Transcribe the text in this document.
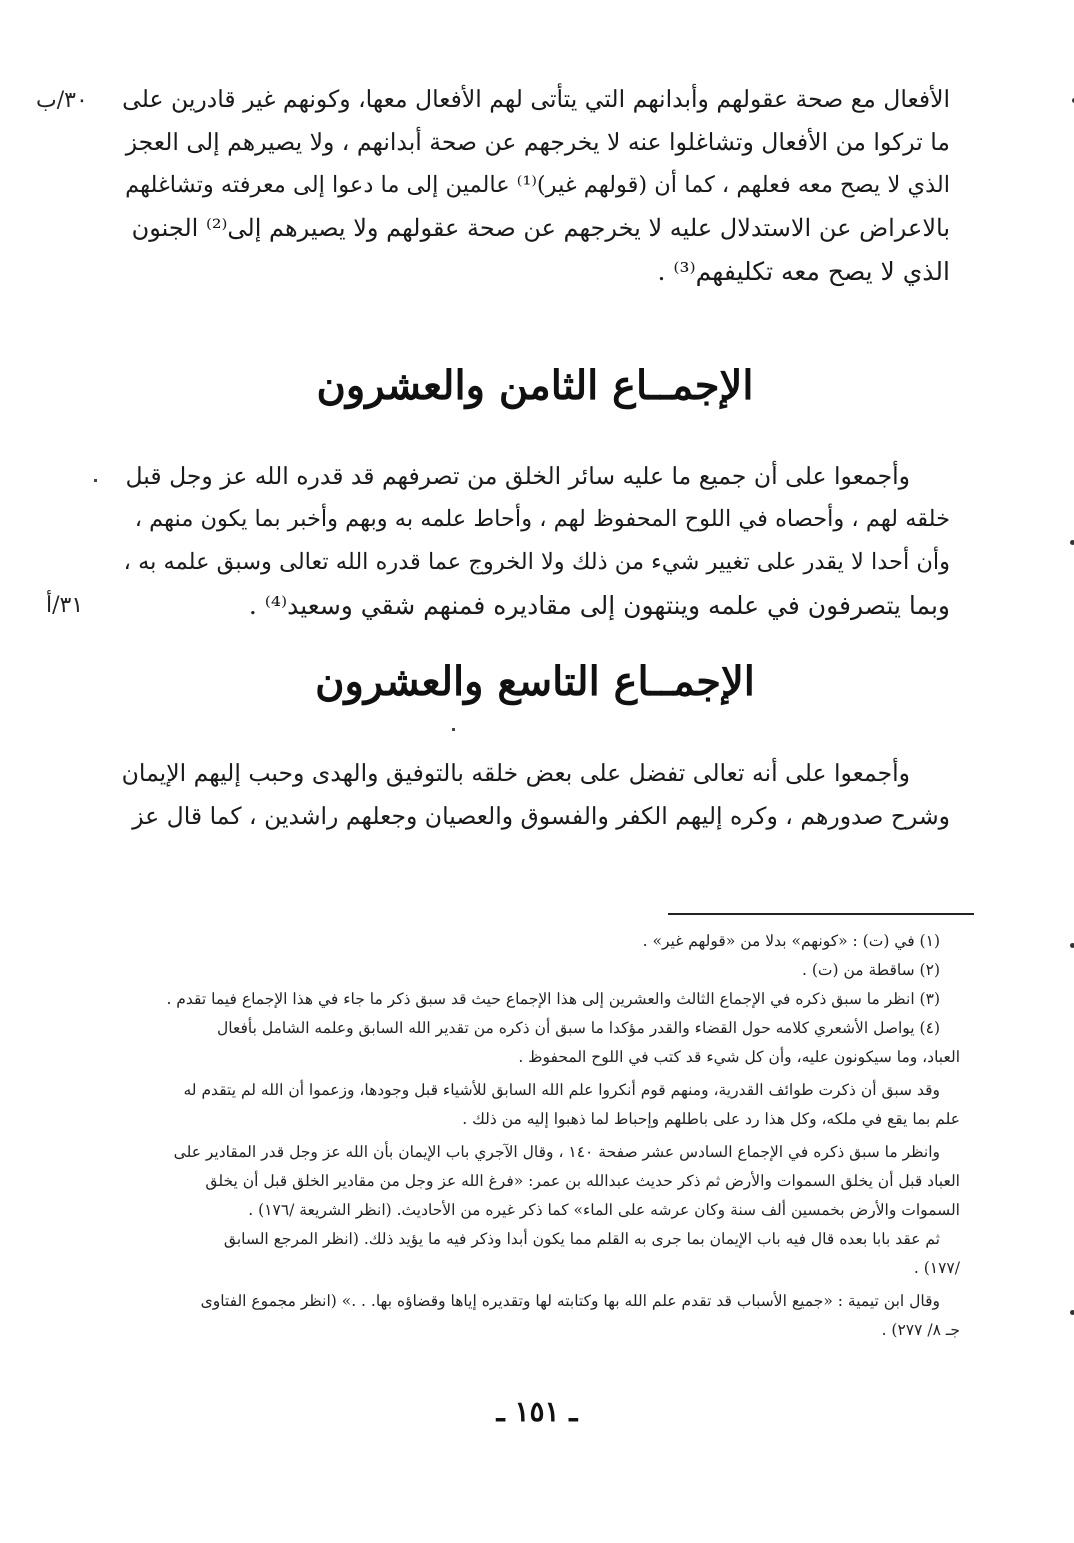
٣٠/ب
٣١/أ
الأفعال مع صحة عقولهم وأبدانهم التي يتأتى لهم الأفعال معها، وكونهم غير قادرين على
ما تركوا من الأفعال وتشاغلوا عنه لا يخرجهم عن صحة أبدانهم ، ولا يصيرهم إلى العجز
الذي لا يصح معه فعلهم ، كما أن (قولهم غير)⁽¹⁾ عالمين إلى ما دعوا إلى معرفته وتشاغلهم
بالاعراض عن الاستدلال عليه لا يخرجهم عن صحة عقولهم ولا يصيرهم إلى⁽²⁾ الجنون
الذي لا يصح معه تكليفهم⁽³⁾ .
الإجمــاع الثامن والعشرون
وأجمعوا على أن جميع ما عليه سائر الخلق من تصرفهم قد قدره الله عز وجل قبل
خلقه لهم ، وأحصاه في اللوح المحفوظ لهم ، وأحاط علمه به وبهم وأخبر بما يكون منهم ،
وأن أحدا لا يقدر على تغيير شيء من ذلك ولا الخروج عما قدره الله تعالى وسبق علمه به ،
وبما يتصرفون في علمه وينتهون إلى مقاديره فمنهم شقي وسعيد⁽⁴⁾ .
الإجمــاع التاسع والعشرون
وأجمعوا على أنه تعالى تفضل على بعض خلقه بالتوفيق والهدى وحبب إليهم الإيمان
وشرح صدورهم ، وكره إليهم الكفر والفسوق والعصيان وجعلهم راشدين ، كما قال عز
(١) في (ت) : «كونهم» بدلا من «قولهم غير» .
(٢) ساقطة من (ت) .
(٣) انظر ما سبق ذكره في الإجماع الثالث والعشرين إلى هذا الإجماع حيث قد سبق ذكر ما جاء في هذا الإجماع فيما تقدم .
(٤) يواصل الأشعري كلامه حول القضاء والقدر مؤكدا ما سبق أن ذكره من تقدير الله السابق وعلمه الشامل بأفعال
العباد، وما سيكونون عليه، وأن كل شيء قد كتب في اللوح المحفوظ .
وقد سبق أن ذكرت طوائف القدرية، ومنهم قوم أنكروا علم الله السابق للأشياء قبل وجودها، وزعموا أن الله لم يتقدم له
علم بما يقع في ملكه، وكل هذا رد على باطلهم وإحباط لما ذهبوا إليه من ذلك .
وانظر ما سبق ذكره في الإجماع السادس عشر صفحة ١٤٠ ، وقال الآجري باب الإيمان بأن الله عز وجل قدر المقادير على
العباد قبل أن يخلق السموات والأرض ثم ذكر حديث عبدالله بن عمر: «فرغ الله عز وجل من مقادير الخلق قبل أن يخلق
السموات والأرض بخمسين ألف سنة وكان عرشه على الماء» كما ذكر غيره من الأحاديث. (انظر الشريعة /١٧٦) .
ثم عقد بابا بعده قال فيه باب الإيمان بما جرى به القلم مما يكون أبدا وذكر فيه ما يؤيد ذلك. (انظر المرجع السابق
/١٧٧) .
وقال ابن تيمية : «جميع الأسباب قد تقدم علم الله بها وكتابته لها وتقديره إياها وقضاؤه بها. . .» (انظر مجموع الفتاوى
جـ ٨/ ٢٧٧) .
ـ ١٥١ ـ
